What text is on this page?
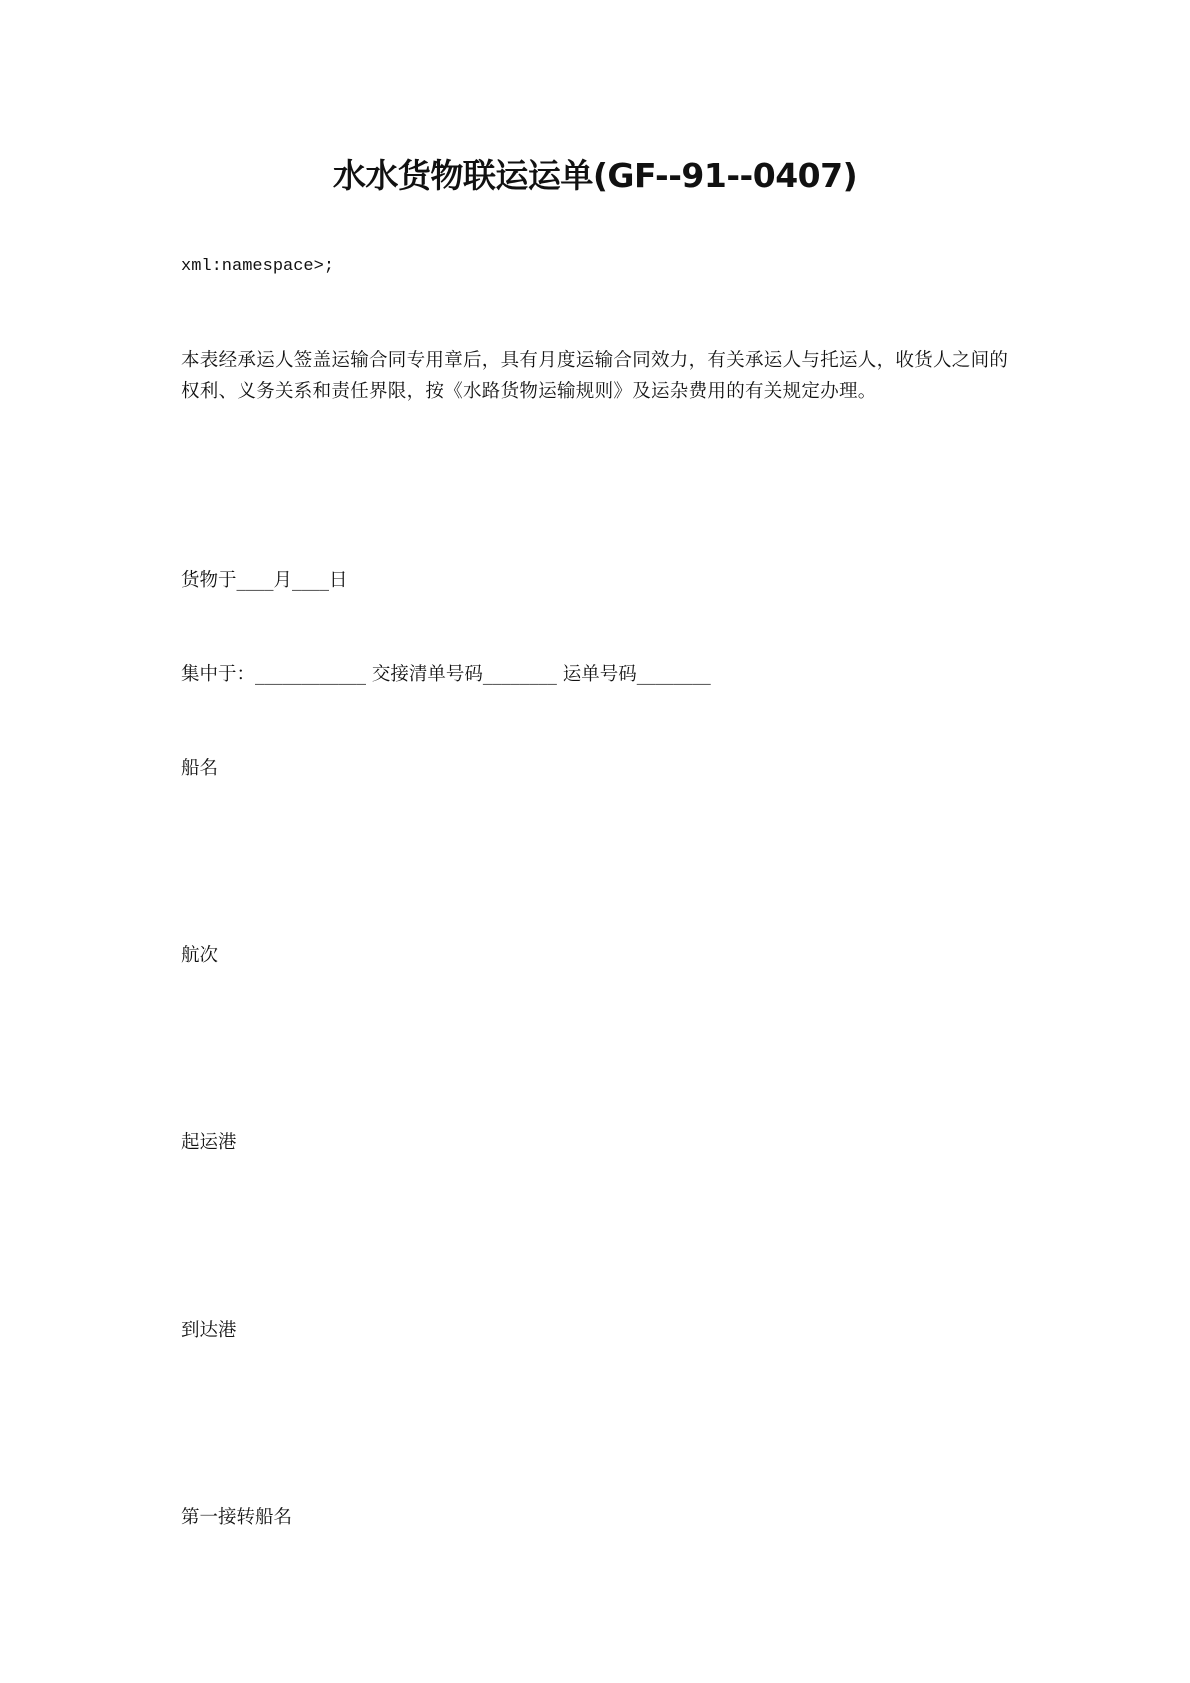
水水货物联运运单(GF--91--0407)
xml:namespace>;
本表经承运人签盖运输合同专用章后，具有月度运输合同效力，有关承运人与托运人，收货人之间的权利、义务关系和责任界限，按《水路货物运输规则》及运杂费用的有关规定办理。
货物于____月____日
集中于：____________ 交接清单号码________ 运单号码________
船名
航次
起运港
到达港
第一接转船名
